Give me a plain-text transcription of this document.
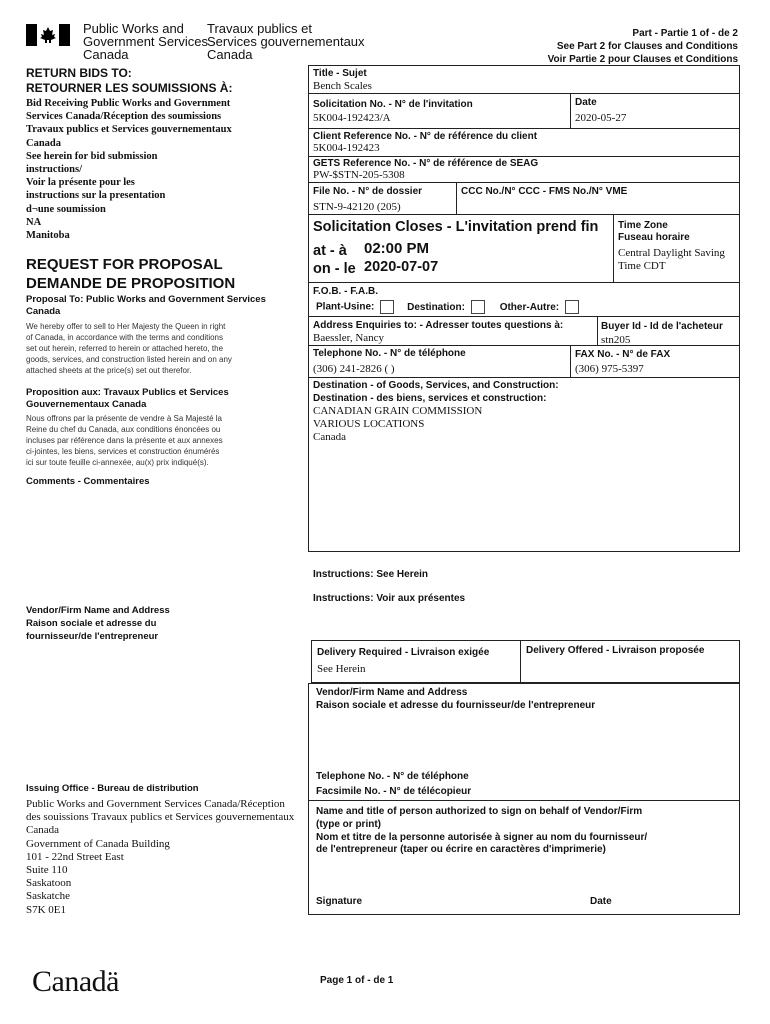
Public Works and
Government Services
Canada
Travaux publics et
Services gouvernementaux
Canada
Part - Partie 1 of - de 2
See Part 2 for Clauses and Conditions
Voir Partie 2 pour Clauses et Conditions
RETURN BIDS TO:
RETOURNER LES SOUMISSIONS À:
Bid Receiving Public Works and Government
Services Canada/Réception des soumissions
Travaux publics et Services gouvernementaux
Canada
See herein for bid submission
instructions/
Voir la présente pour les
instructions sur la presentation
d¬une soumission
NA
Manitoba
REQUEST FOR PROPOSAL
DEMANDE DE PROPOSITION
Proposal To: Public Works and Government Services Canada
We hereby offer to sell to Her Majesty the Queen in right
of Canada, in accordance with the terms and conditions
set out herein, referred to herein or attached hereto, the
goods, services, and construction listed herein and on any
attached sheets at the price(s) set out therefor.
Proposition aux: Travaux Publics et Services Gouvernementaux Canada
Nous offrons par la présente de vendre à Sa Majesté la
Reine du chef du Canada, aux conditions énoncées ou
incluses par référence dans la présente et aux annexes
ci-jointes, les biens, services et construction énumérés
ici sur toute feuille ci-annexée, au(x) prix indiqué(s).
Comments - Commentaires
Vendor/Firm Name and Address
Raison sociale et adresse du
fournisseur/de l'entrepreneur
Issuing Office - Bureau de distribution
Public Works and Government Services Canada/Réception
des souissions Travaux publics et Services gouvernementaux
Canada
Government of Canada Building
101 - 22nd Street East
Suite 110
Saskatoon
Saskatche
S7K 0E1
Title - Sujet
Bench Scales
Solicitation No. - N° de l'invitation
5K004-192423/A
Date
2020-05-27
Client Reference No. - N° de référence du client
5K004-192423
GETS Reference No. - N° de référence de SEAG
PW-$STN-205-5308
File No. - N° de dossier
STN-9-42120 (205)
CCC No./N° CCC - FMS No./N° VME
Solicitation Closes - L'invitation prend fin
at - à 02:00 PM
on - le 2020-07-07
Time Zone
Fuseau horaire
Central Daylight Saving
Time CDT
F.O.B. - F.A.B.
Plant-Usine:	Destination:	Other-Autre:
Address Enquiries to: - Adresser toutes questions à:
Baessler, Nancy
Buyer Id - Id de l'acheteur
stn205
Telephone No. - N° de téléphone
(306) 241-2826 ( )
FAX No. - N° de FAX
(306) 975-5397
Destination - of Goods, Services, and Construction:
Destination - des biens, services et construction:
CANADIAN GRAIN COMMISSION
VARIOUS LOCATIONS
Canada
Instructions: See Herein
Instructions: Voir aux présentes
Delivery Required - Livraison exigée
See Herein
Delivery Offered - Livraison proposée
Vendor/Firm Name and Address
Raison sociale et adresse du fournisseur/de l'entrepreneur
Telephone No. - N° de téléphone
Facsimile No. - N° de télécopieur
Name and title of person authorized to sign on behalf of Vendor/Firm
(type or print)
Nom et titre de la personne autorisée à signer au nom du fournisseur/
de l'entrepreneur (taper ou écrire en caractères d'imprimerie)
Signature	Date
Canadä	Page 1 of - de 1
